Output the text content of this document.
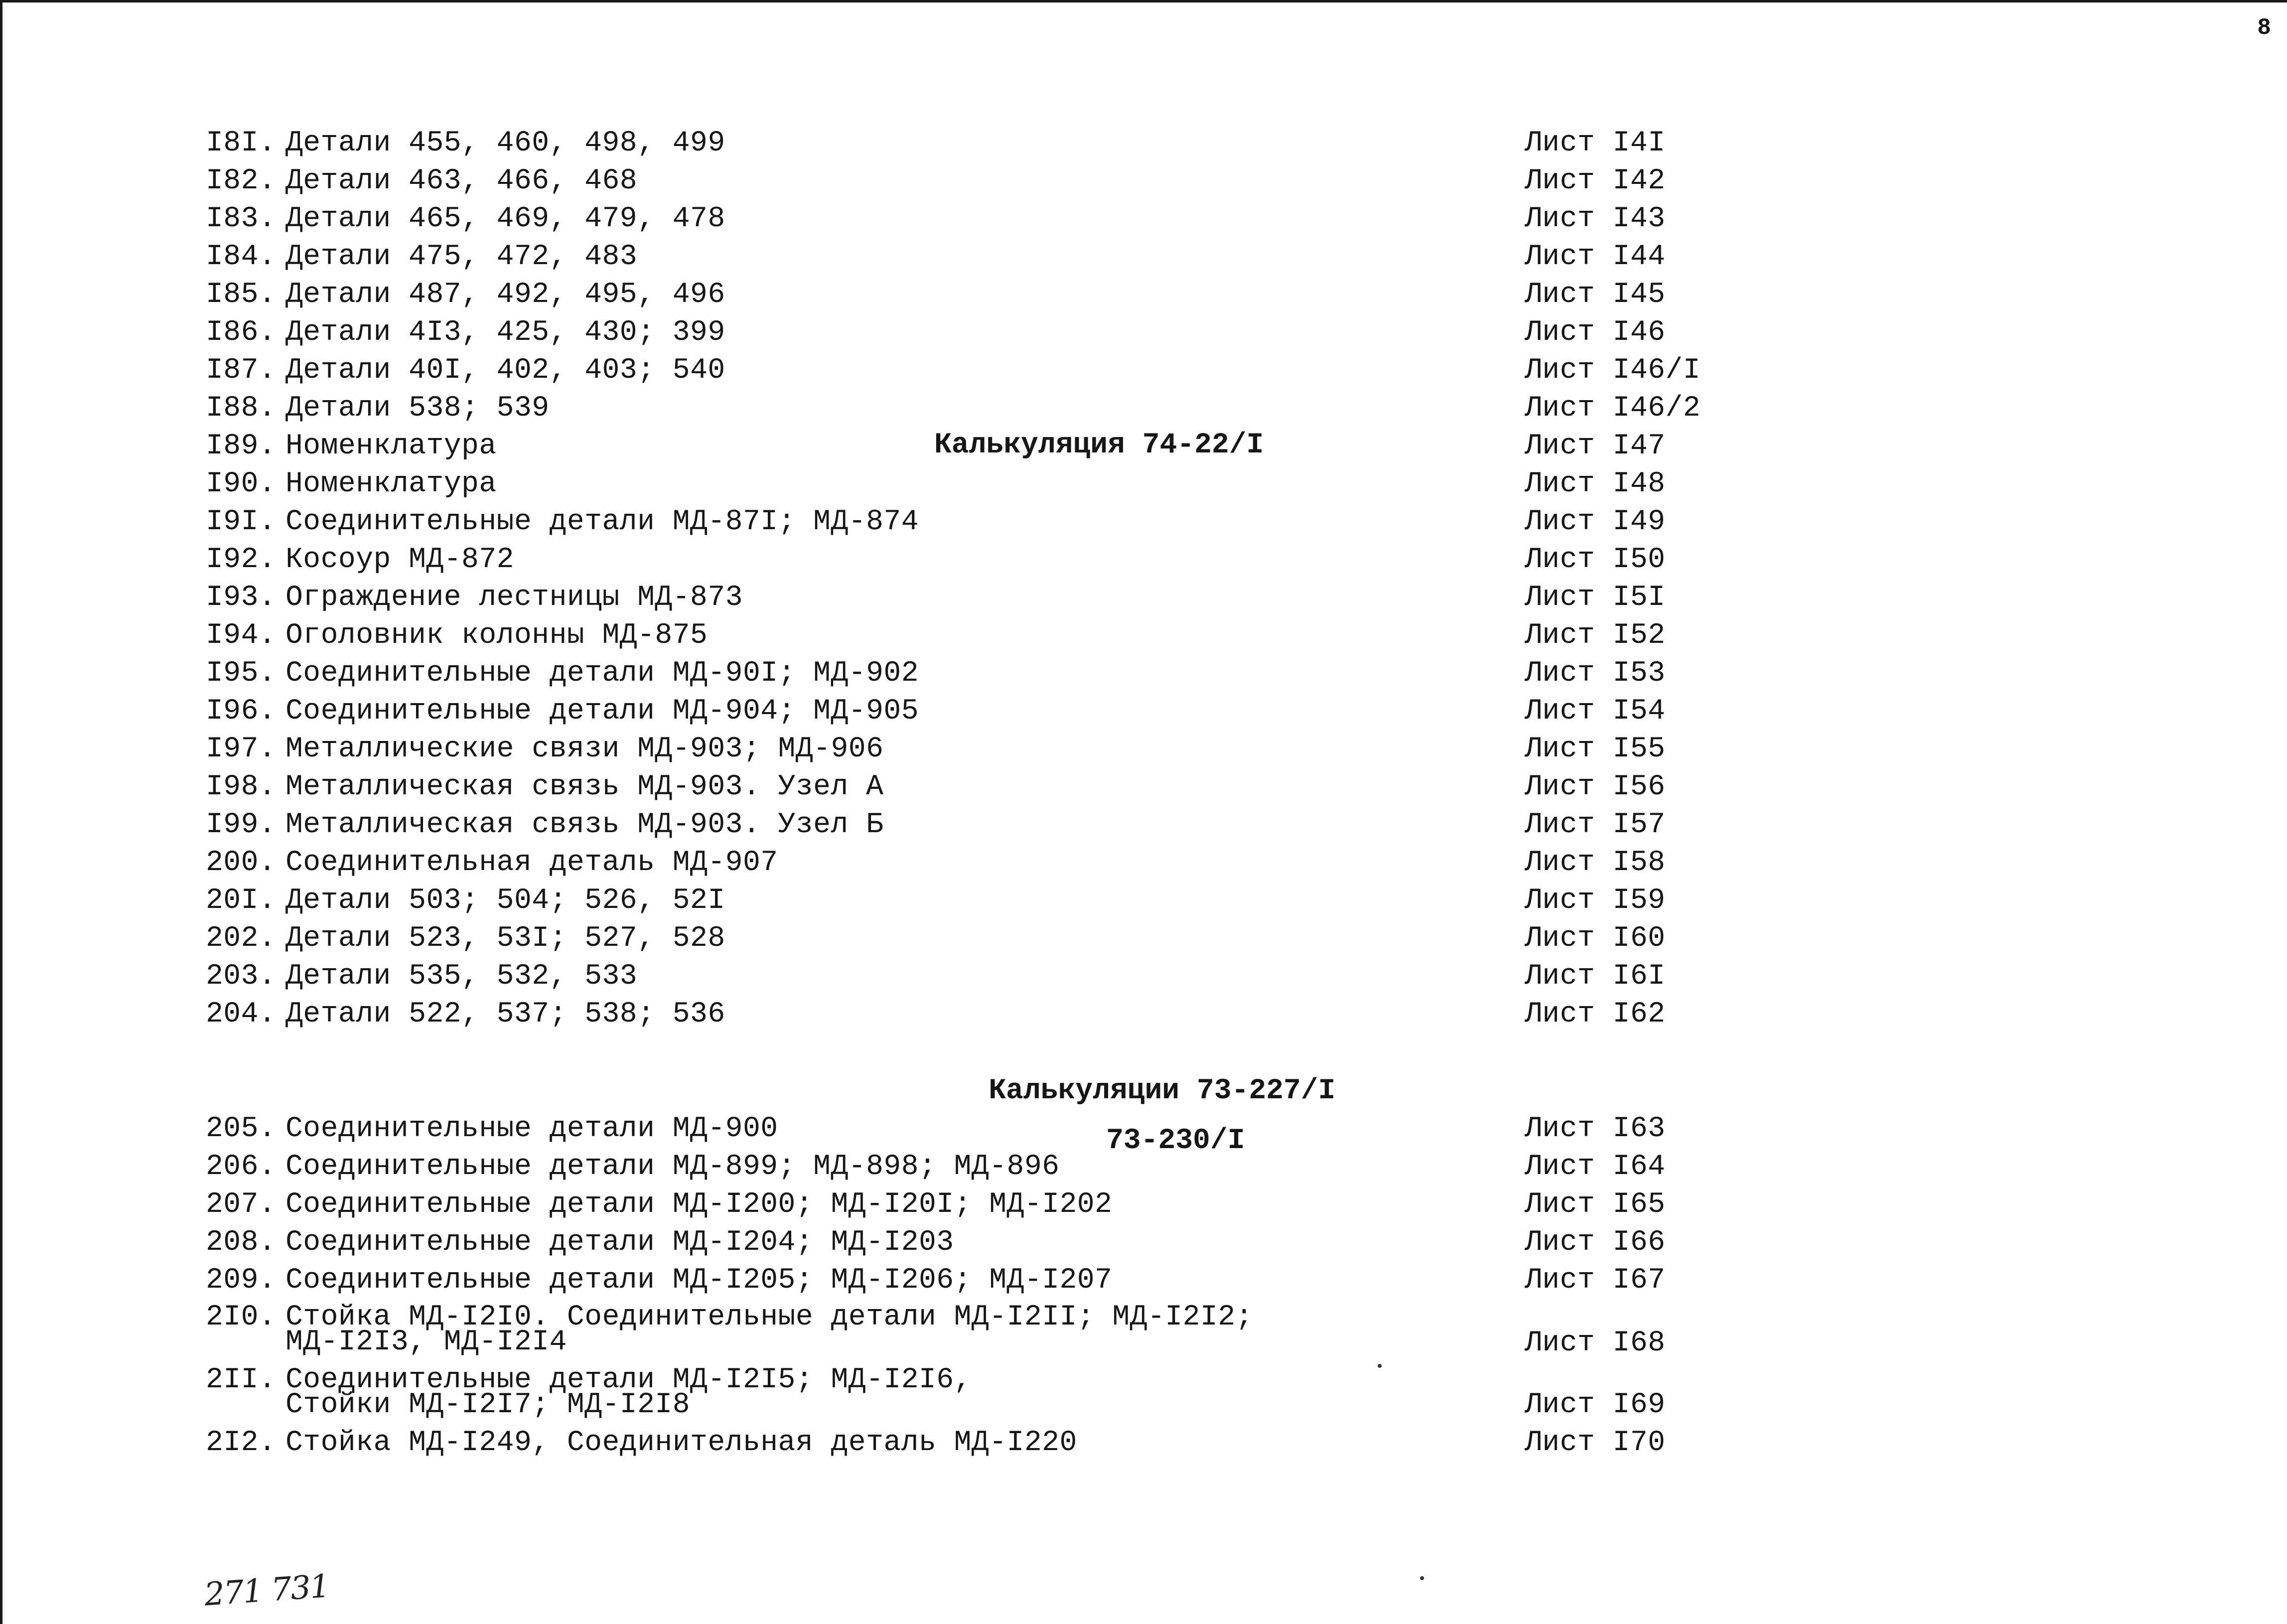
8
I8I. Детали 455, 460, 498, 499	Лист I4I
I82. Детали 463, 466, 468	Лист I42
I83. Детали 465, 469, 479, 478	Лист I43
I84. Детали 475, 472, 483	Лист I44
I85. Детали 487, 492, 495, 496	Лист I45
I86. Детали 4I3, 425, 430; 399	Лист I46
I87. Детали 40I, 402, 403; 540	Лист I46/I
I88. Детали 538; 539	Лист I46/2
Калькуляция 74-22/I
I89. Номенклатура	Лист I47
I90. Номенклатура	Лист I48
I9I. Соединительные детали МД-87I; МД-874	Лист I49
I92. Косоур МД-872	Лист I50
I93. Ограждение лестницы МД-873	Лист I5I
I94. Оголовник колонны МД-875	Лист I52
I95. Соединительные детали МД-90I; МД-902	Лист I53
I96. Соединительные детали МД-904; МД-905	Лист I54
I97. Металлические связи МД-903; МД-906	Лист I55
I98. Металлическая связь МД-903. Узел А	Лист I56
I99. Металлическая связь МД-903. Узел Б	Лист I57
200. Соединительная деталь МД-907	Лист I58
20I. Детали 503; 504; 526, 52I	Лист I59
202. Детали 523, 53I; 527, 528	Лист I60
203. Детали 535, 532, 533	Лист I6I
204. Детали 522, 537; 538; 536	Лист I62

Калькуляции 73-227/I

73-230/I

205. Соединительные детали МД-900	Лист I63
206. Соединительные детали МД-899; МД-898; МД-896	Лист I64
207. Соединительные детали МД-I200; МД-I20I; МД-I202	Лист I65
208. Соединительные детали МД-I204; МД-I203	Лист I66
209. Соединительные детали МД-I205; МД-I206; МД-I207	Лист I67
2I0. Стойка МД-I2I0. Соединительные детали МД-I2II; МД-I2I2;
МД-I2I3, МД-I2I4	Лист I68
2II. Соединительные детали МД-I2I5; МД-I2I6,
Стойки МД-I2I7; МД-I2I8	Лист I69
2I2. Стойка МД-I249, Соединительная деталь МД-I220	Лист I70
271 731
